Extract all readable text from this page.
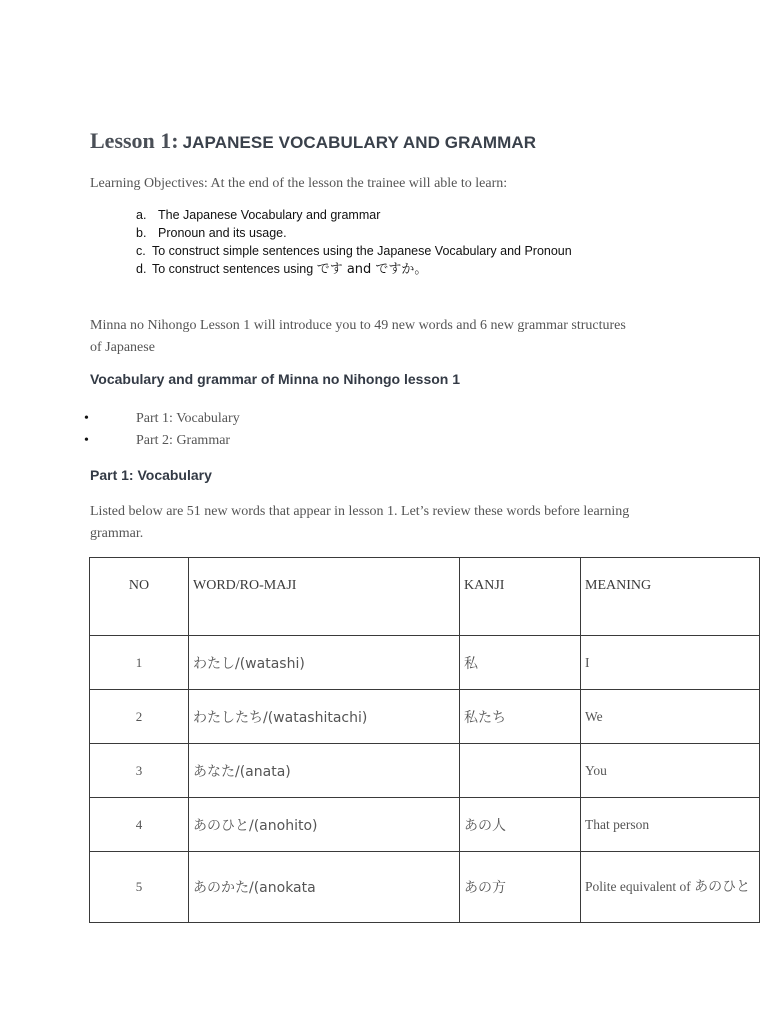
Lesson 1: JAPANESE VOCABULARY AND GRAMMAR
Learning Objectives: At the end of the lesson the trainee will able to learn:
a. The Japanese Vocabulary and grammar
b. Pronoun and its usage.
c. To construct simple sentences using the Japanese Vocabulary and Pronoun
d. To construct sentences using です and ですか。
Minna no Nihongo Lesson 1 will introduce you to 49 new words and 6 new grammar structures
of Japanese
Vocabulary and grammar of Minna no Nihongo lesson 1
•	Part 1: Vocabulary
•	Part 2: Grammar
Part 1: Vocabulary
Listed below are 51 new words that appear in lesson 1. Let’s review these words before learning
grammar.
NO	WORD/RO-MAJI	KANJI	MEANING
1	わたし/(watashi)	私	I
2	わたしたち/(watashitachi)	私たち	We
3	あなた/(anata)		You
4	あのひと/(anohito)	あの人	That person
5	あのかた/(anokata	あの方	Polite equivalent of あのひと
